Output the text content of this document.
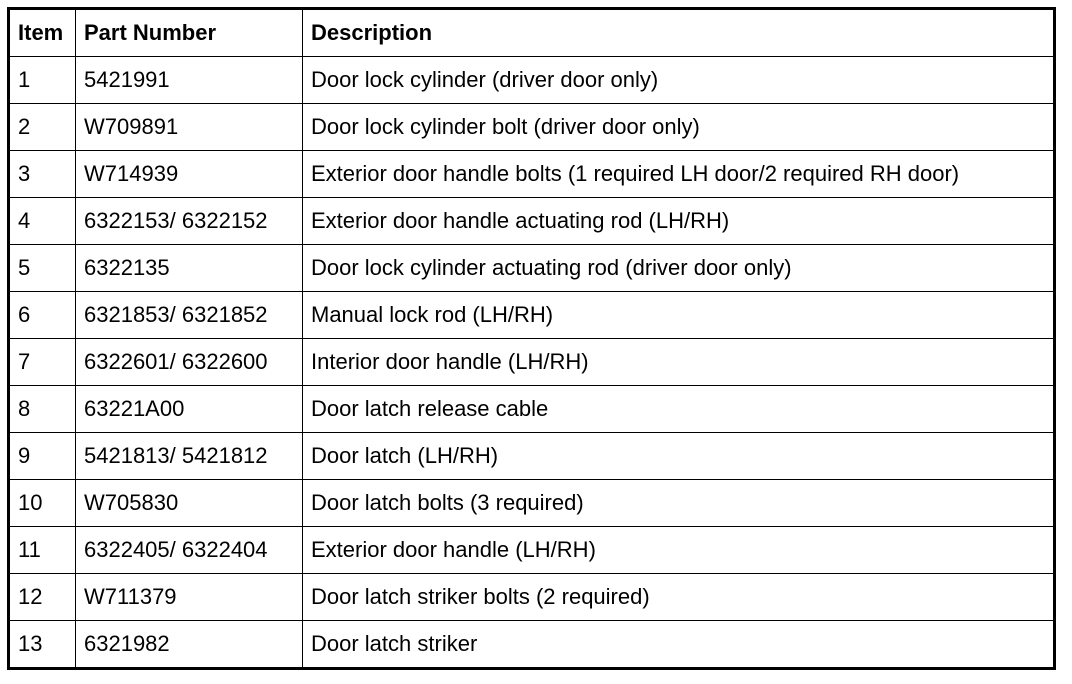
Item	Part Number	Description
1	5421991	Door lock cylinder (driver door only)
2	W709891	Door lock cylinder bolt (driver door only)
3	W714939	Exterior door handle bolts (1 required LH door/2 required RH door)
4	6322153/ 6322152	Exterior door handle actuating rod (LH/RH)
5	6322135	Door lock cylinder actuating rod (driver door only)
6	6321853/ 6321852	Manual lock rod (LH/RH)
7	6322601/ 6322600	Interior door handle (LH/RH)
8	63221A00	Door latch release cable
9	5421813/ 5421812	Door latch (LH/RH)
10	W705830	Door latch bolts (3 required)
11	6322405/ 6322404	Exterior door handle (LH/RH)
12	W711379	Door latch striker bolts (2 required)
13	6321982	Door latch striker
